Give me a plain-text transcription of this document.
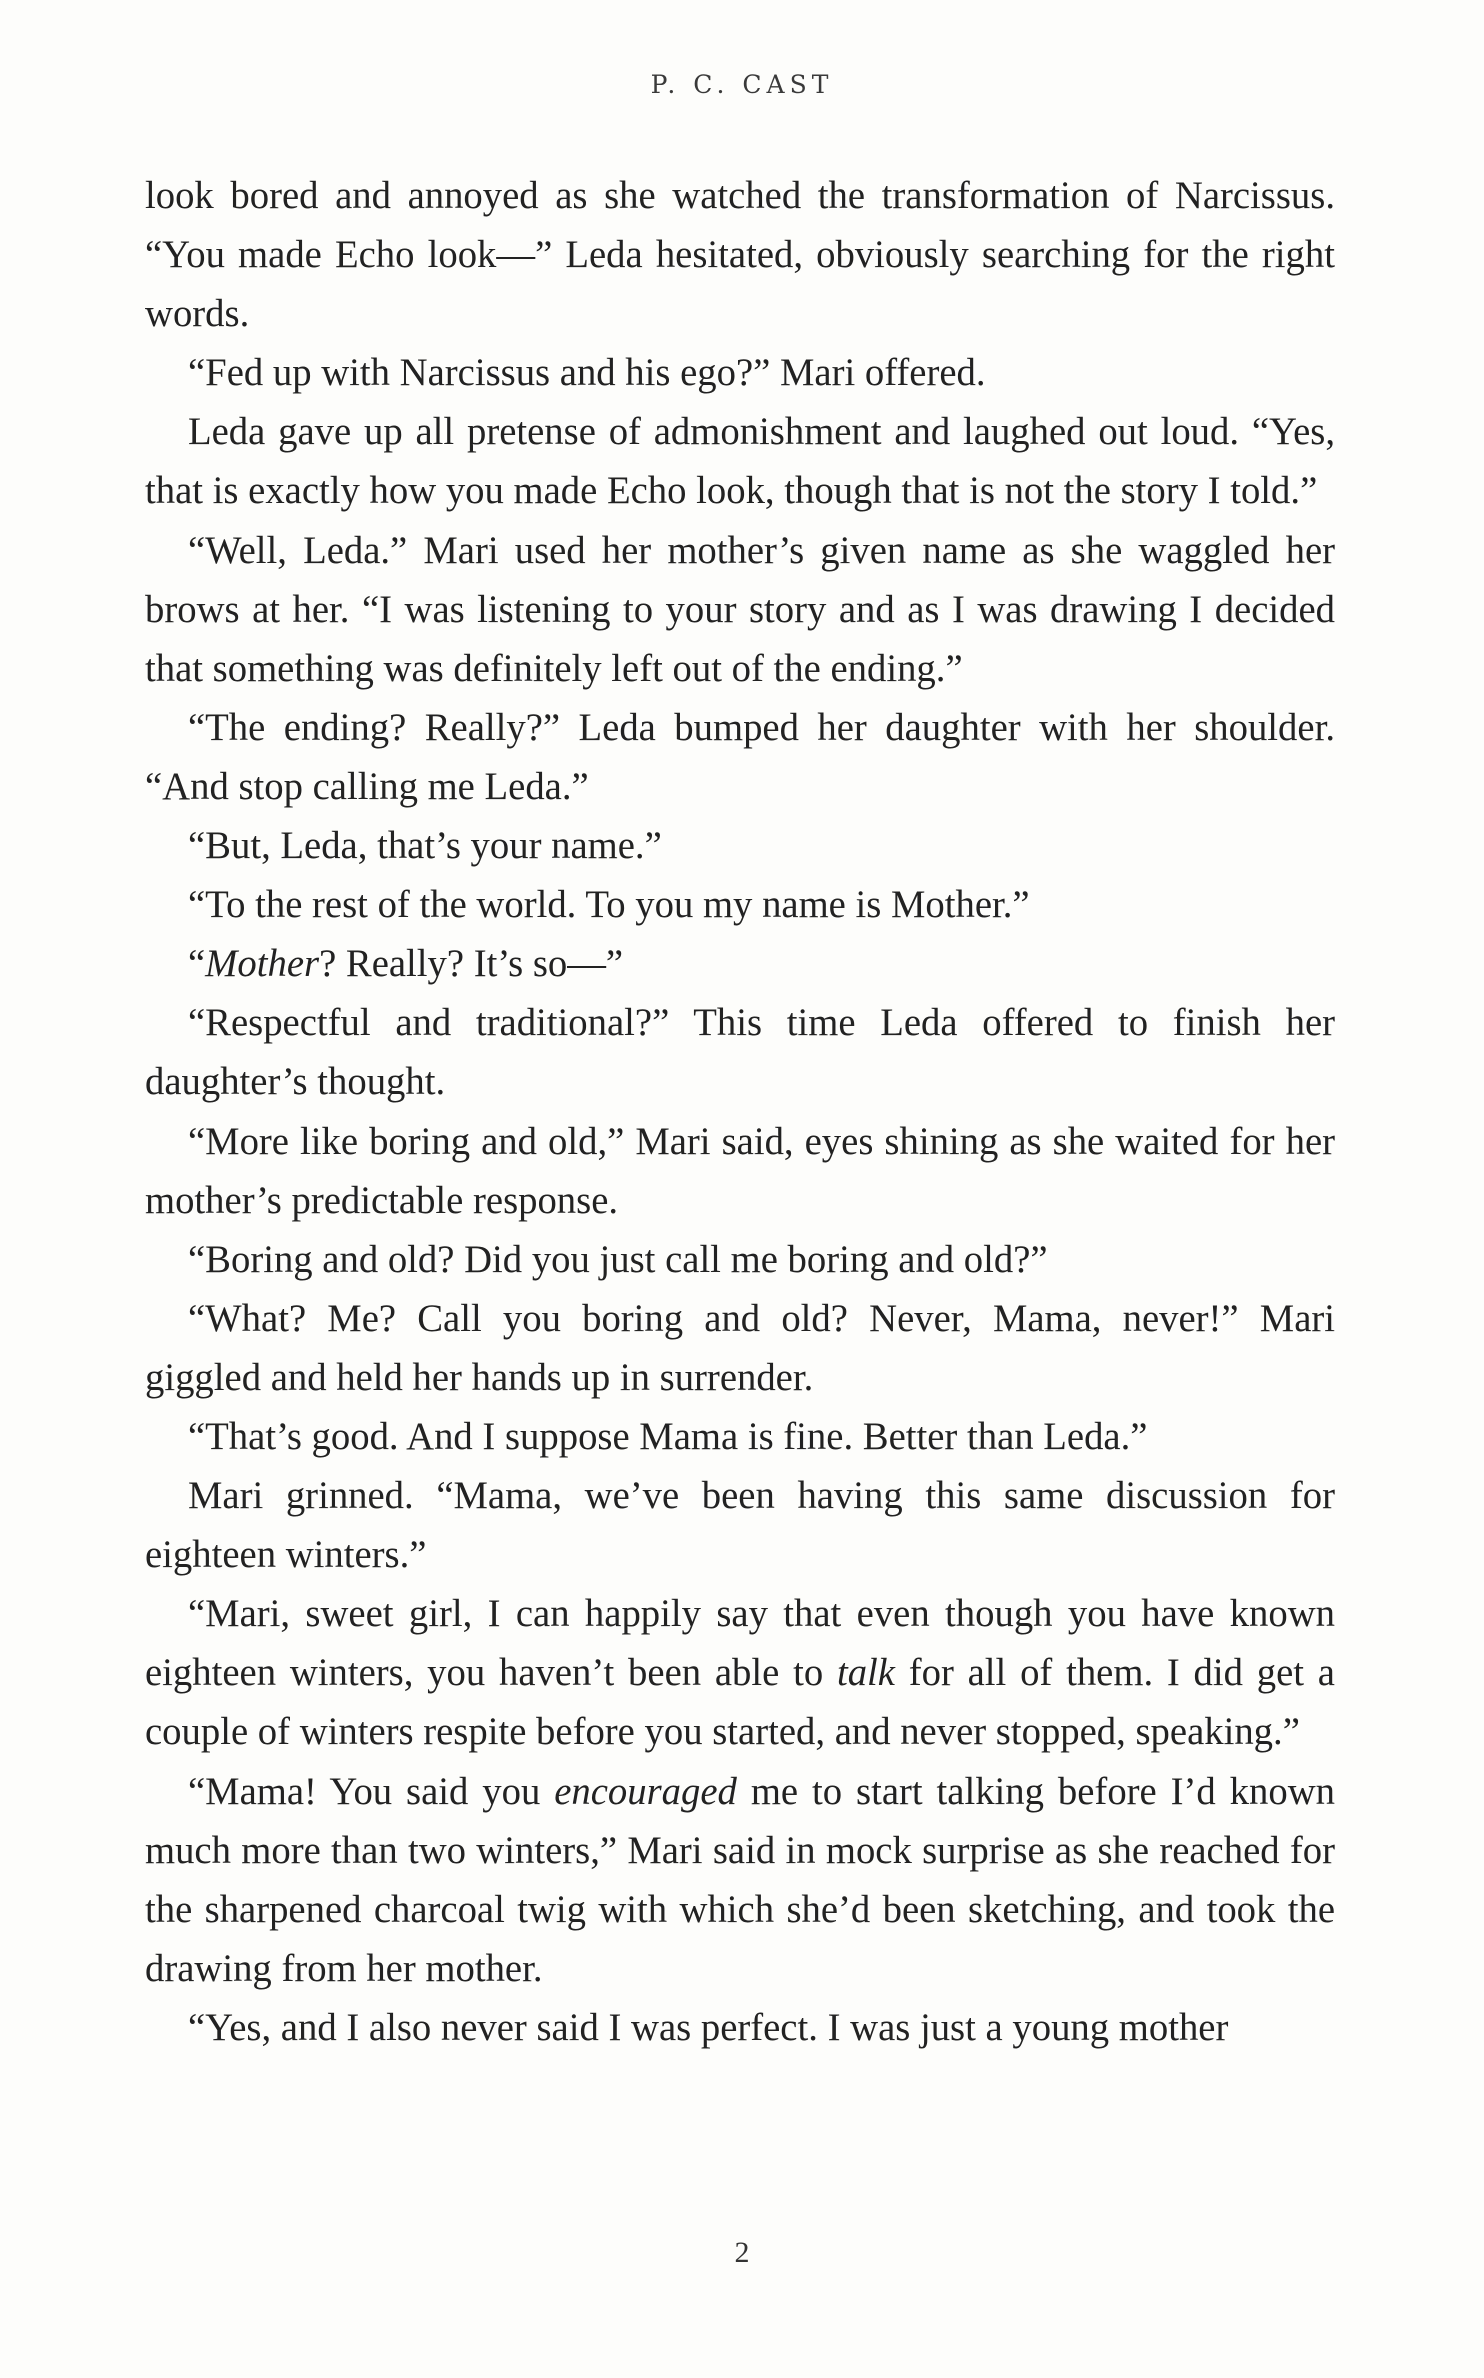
P. C. CAST

look bored and annoyed as she watched the transformation of Narcissus. “You made Echo look—” Leda hesitated, obviously searching for the right words.

“Fed up with Narcissus and his ego?” Mari offered.

Leda gave up all pretense of admonishment and laughed out loud. “Yes, that is exactly how you made Echo look, though that is not the story I told.”

“Well, Leda.” Mari used her mother’s given name as she waggled her brows at her. “I was listening to your story and as I was drawing I decided that something was definitely left out of the ending.”

“The ending? Really?” Leda bumped her daughter with her shoulder. “And stop calling me Leda.”

“But, Leda, that’s your name.”

“To the rest of the world. To you my name is Mother.”

“Mother? Really? It’s so—”

“Respectful and traditional?” This time Leda offered to finish her daughter’s thought.

“More like boring and old,” Mari said, eyes shining as she waited for her mother’s predictable response.

“Boring and old? Did you just call me boring and old?”

“What? Me? Call you boring and old? Never, Mama, never!” Mari giggled and held her hands up in surrender.

“That’s good. And I suppose Mama is fine. Better than Leda.”

Mari grinned. “Mama, we’ve been having this same discussion for eighteen winters.”

“Mari, sweet girl, I can happily say that even though you have known eighteen winters, you haven’t been able to talk for all of them. I did get a couple of winters respite before you started, and never stopped, speaking.”

“Mama! You said you encouraged me to start talking before I’d known much more than two winters,” Mari said in mock surprise as she reached for the sharpened charcoal twig with which she’d been sketching, and took the drawing from her mother.

“Yes, and I also never said I was perfect. I was just a young mother

2
